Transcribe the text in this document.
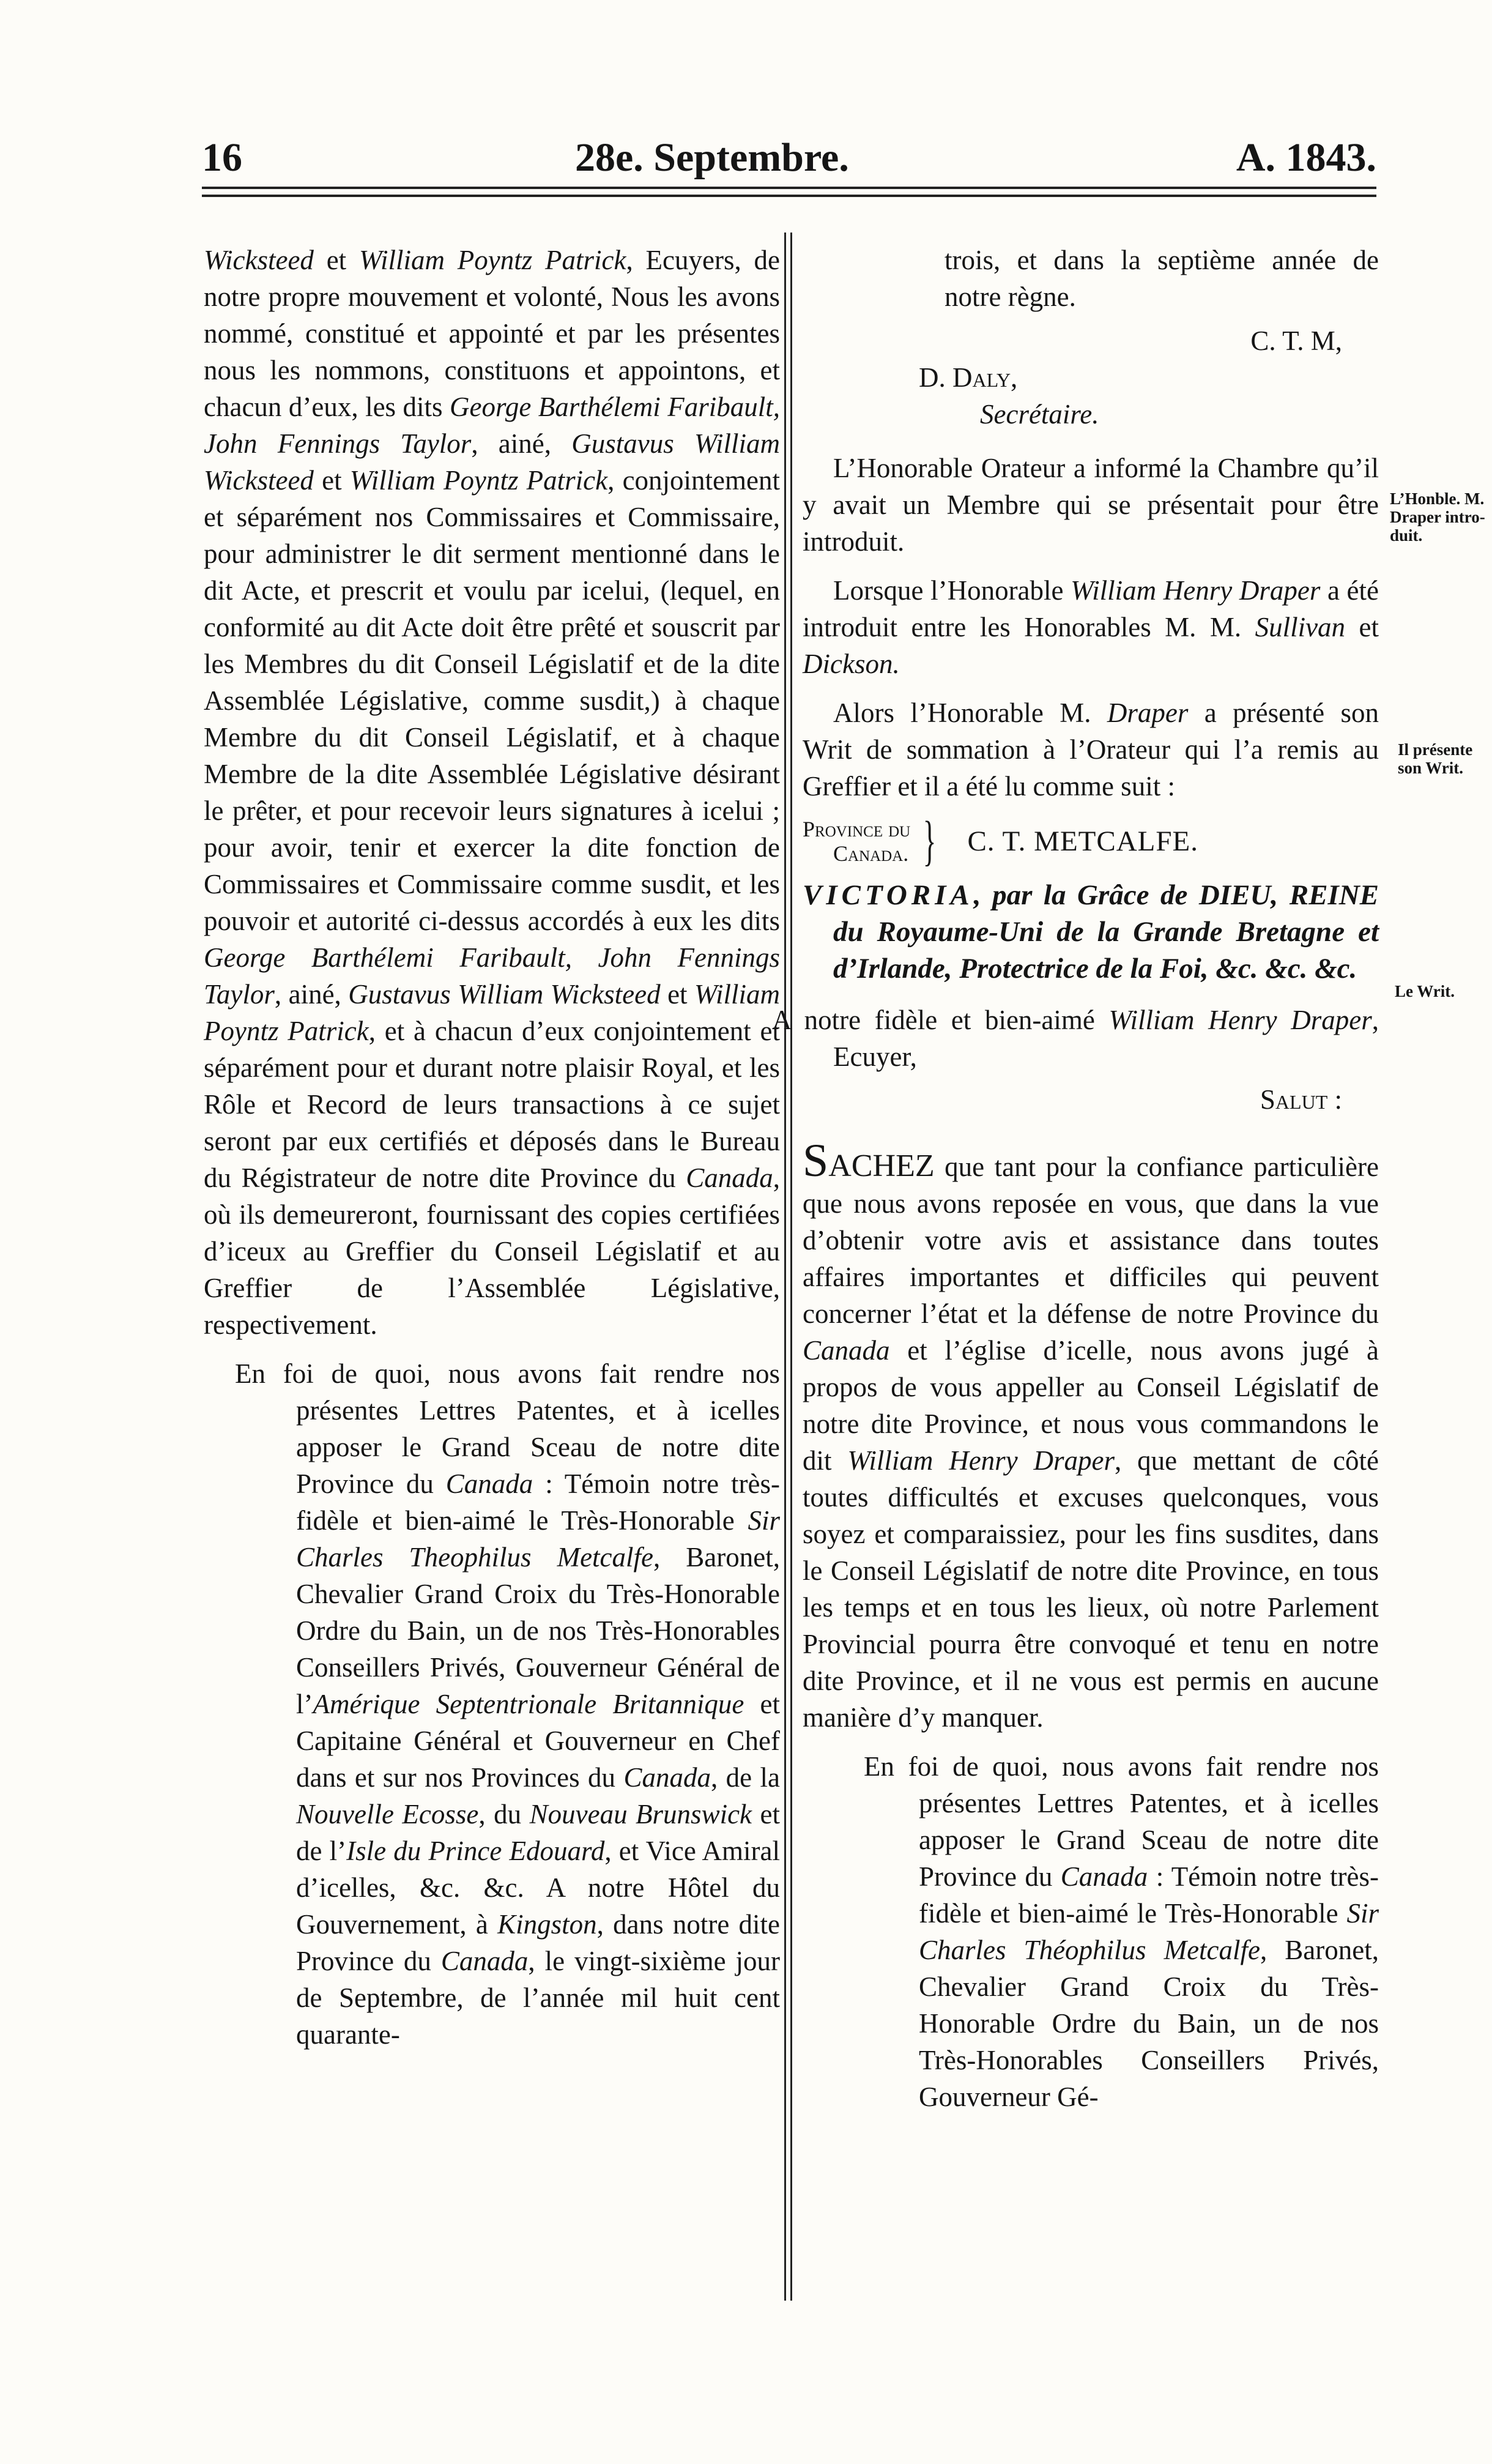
16	28e. Septembre.	A. 1843.

Wicksteed et William Poyntz Patrick, Ecuyers, de notre propre mouvement et volonté, Nous les avons nommé, constitué et appointé et par les présentes nous les nommons, constituons et appointons, et chacun d’eux, les dits George Barthélemi Faribault, John Fennings Taylor, ainé, Gustavus William Wicksteed et William Poyntz Patrick, conjointement et séparément nos Commissaires et Commissaire, pour administrer le dit serment mentionné dans le dit Acte, et prescrit et voulu par icelui, (lequel, en conformité au dit Acte doit être prêté et souscrit par les Membres du dit Conseil Législatif et de la dite Assemblée Législative, comme susdit,) à chaque Membre du dit Conseil Législatif, et à chaque Membre de la dite Assemblée Législative désirant le prêter, et pour recevoir leurs signatures à icelui ; pour avoir, tenir et exercer la dite fonction de Commissaires et Commissaire comme susdit, et les pouvoir et autorité ci-dessus accordés à eux les dits George Barthélemi Faribault, John Fennings Taylor, ainé, Gustavus William Wicksteed et William Poyntz Patrick, et à chacun d’eux conjointement et séparément pour et durant notre plaisir Royal, et les Rôle et Record de leurs transactions à ce sujet seront par eux certifiés et déposés dans le Bureau du Régistrateur de notre dite Province du Canada, où ils demeureront, fournissant des copies certifiées d’iceux au Greffier du Conseil Législatif et au Greffier de l’Assemblée Législative, respectivement.

En foi de quoi, nous avons fait rendre nos présentes Lettres Patentes, et à icelles apposer le Grand Sceau de notre dite Province du Canada : Témoin notre très-fidèle et bien-aimé le Très-Honorable Sir Charles Theophilus Metcalfe, Baronet, Chevalier Grand Croix du Très-Honorable Ordre du Bain, un de nos Très-Honorables Conseillers Privés, Gouverneur Général de l’Amérique Septentrionale Britannique et Capitaine Général et Gouverneur en Chef dans et sur nos Provinces du Canada, de la Nouvelle Ecosse, du Nouveau Brunswick et de l’Isle du Prince Edouard, et Vice Amiral d’icelles, &c. &c. A notre Hôtel du Gouvernement, à Kingston, dans notre dite Province du Canada, le vingt-sixième jour de Septembre, de l’année mil huit cent quarante-

trois, et dans la septième année de notre règne.

C. T. M,

D. Daly,

Secrétaire.

L’Honorable Orateur a informé la Chambre qu’il y avait un Membre qui se présentait pour être introduit.

Lorsque l’Honorable William Henry Draper a été introduit entre les Honorables M. M. Sullivan et Dickson.

Alors l’Honorable M. Draper a présenté son Writ de sommation à l’Orateur qui l’a remis au Greffier et il a été lu comme suit :

Province du
Canada. } C. T. METCALFE.

VICTORIA, par la Grâce de DIEU, REINE du Royaume-Uni de la Grande Bretagne et d’Irlande, Protectrice de la Foi, &c. &c. &c.

A notre fidèle et bien-aimé William Henry Draper, Ecuyer,

Salut :

SACHEZ que tant pour la confiance particulière que nous avons reposée en vous, que dans la vue d’obtenir votre avis et assistance dans toutes affaires importantes et difficiles qui peuvent concerner l’état et la défense de notre Province du Canada et l’église d’icelle, nous avons jugé à propos de vous appeller au Conseil Législatif de notre dite Province, et nous vous commandons le dit William Henry Draper, que mettant de côté toutes difficultés et excuses quelconques, vous soyez et comparaissiez, pour les fins susdites, dans le Conseil Législatif de notre dite Province, en tous les temps et en tous les lieux, où notre Parlement Provincial pourra être convoqué et tenu en notre dite Province, et il ne vous est permis en aucune manière d’y manquer.

En foi de quoi, nous avons fait rendre nos présentes Lettres Patentes, et à icelles apposer le Grand Sceau de notre dite Province du Canada : Témoin notre très-fidèle et bien-aimé le Très-Honorable Sir Charles Théophilus Metcalfe, Baronet, Chevalier Grand Croix du Très-Honorable Ordre du Bain, un de nos Très-Honorables Conseillers Privés, Gouverneur Gé-

L’Honble. M.
Draper intro-
duit.
Il présente
son Writ.
Le Writ.
